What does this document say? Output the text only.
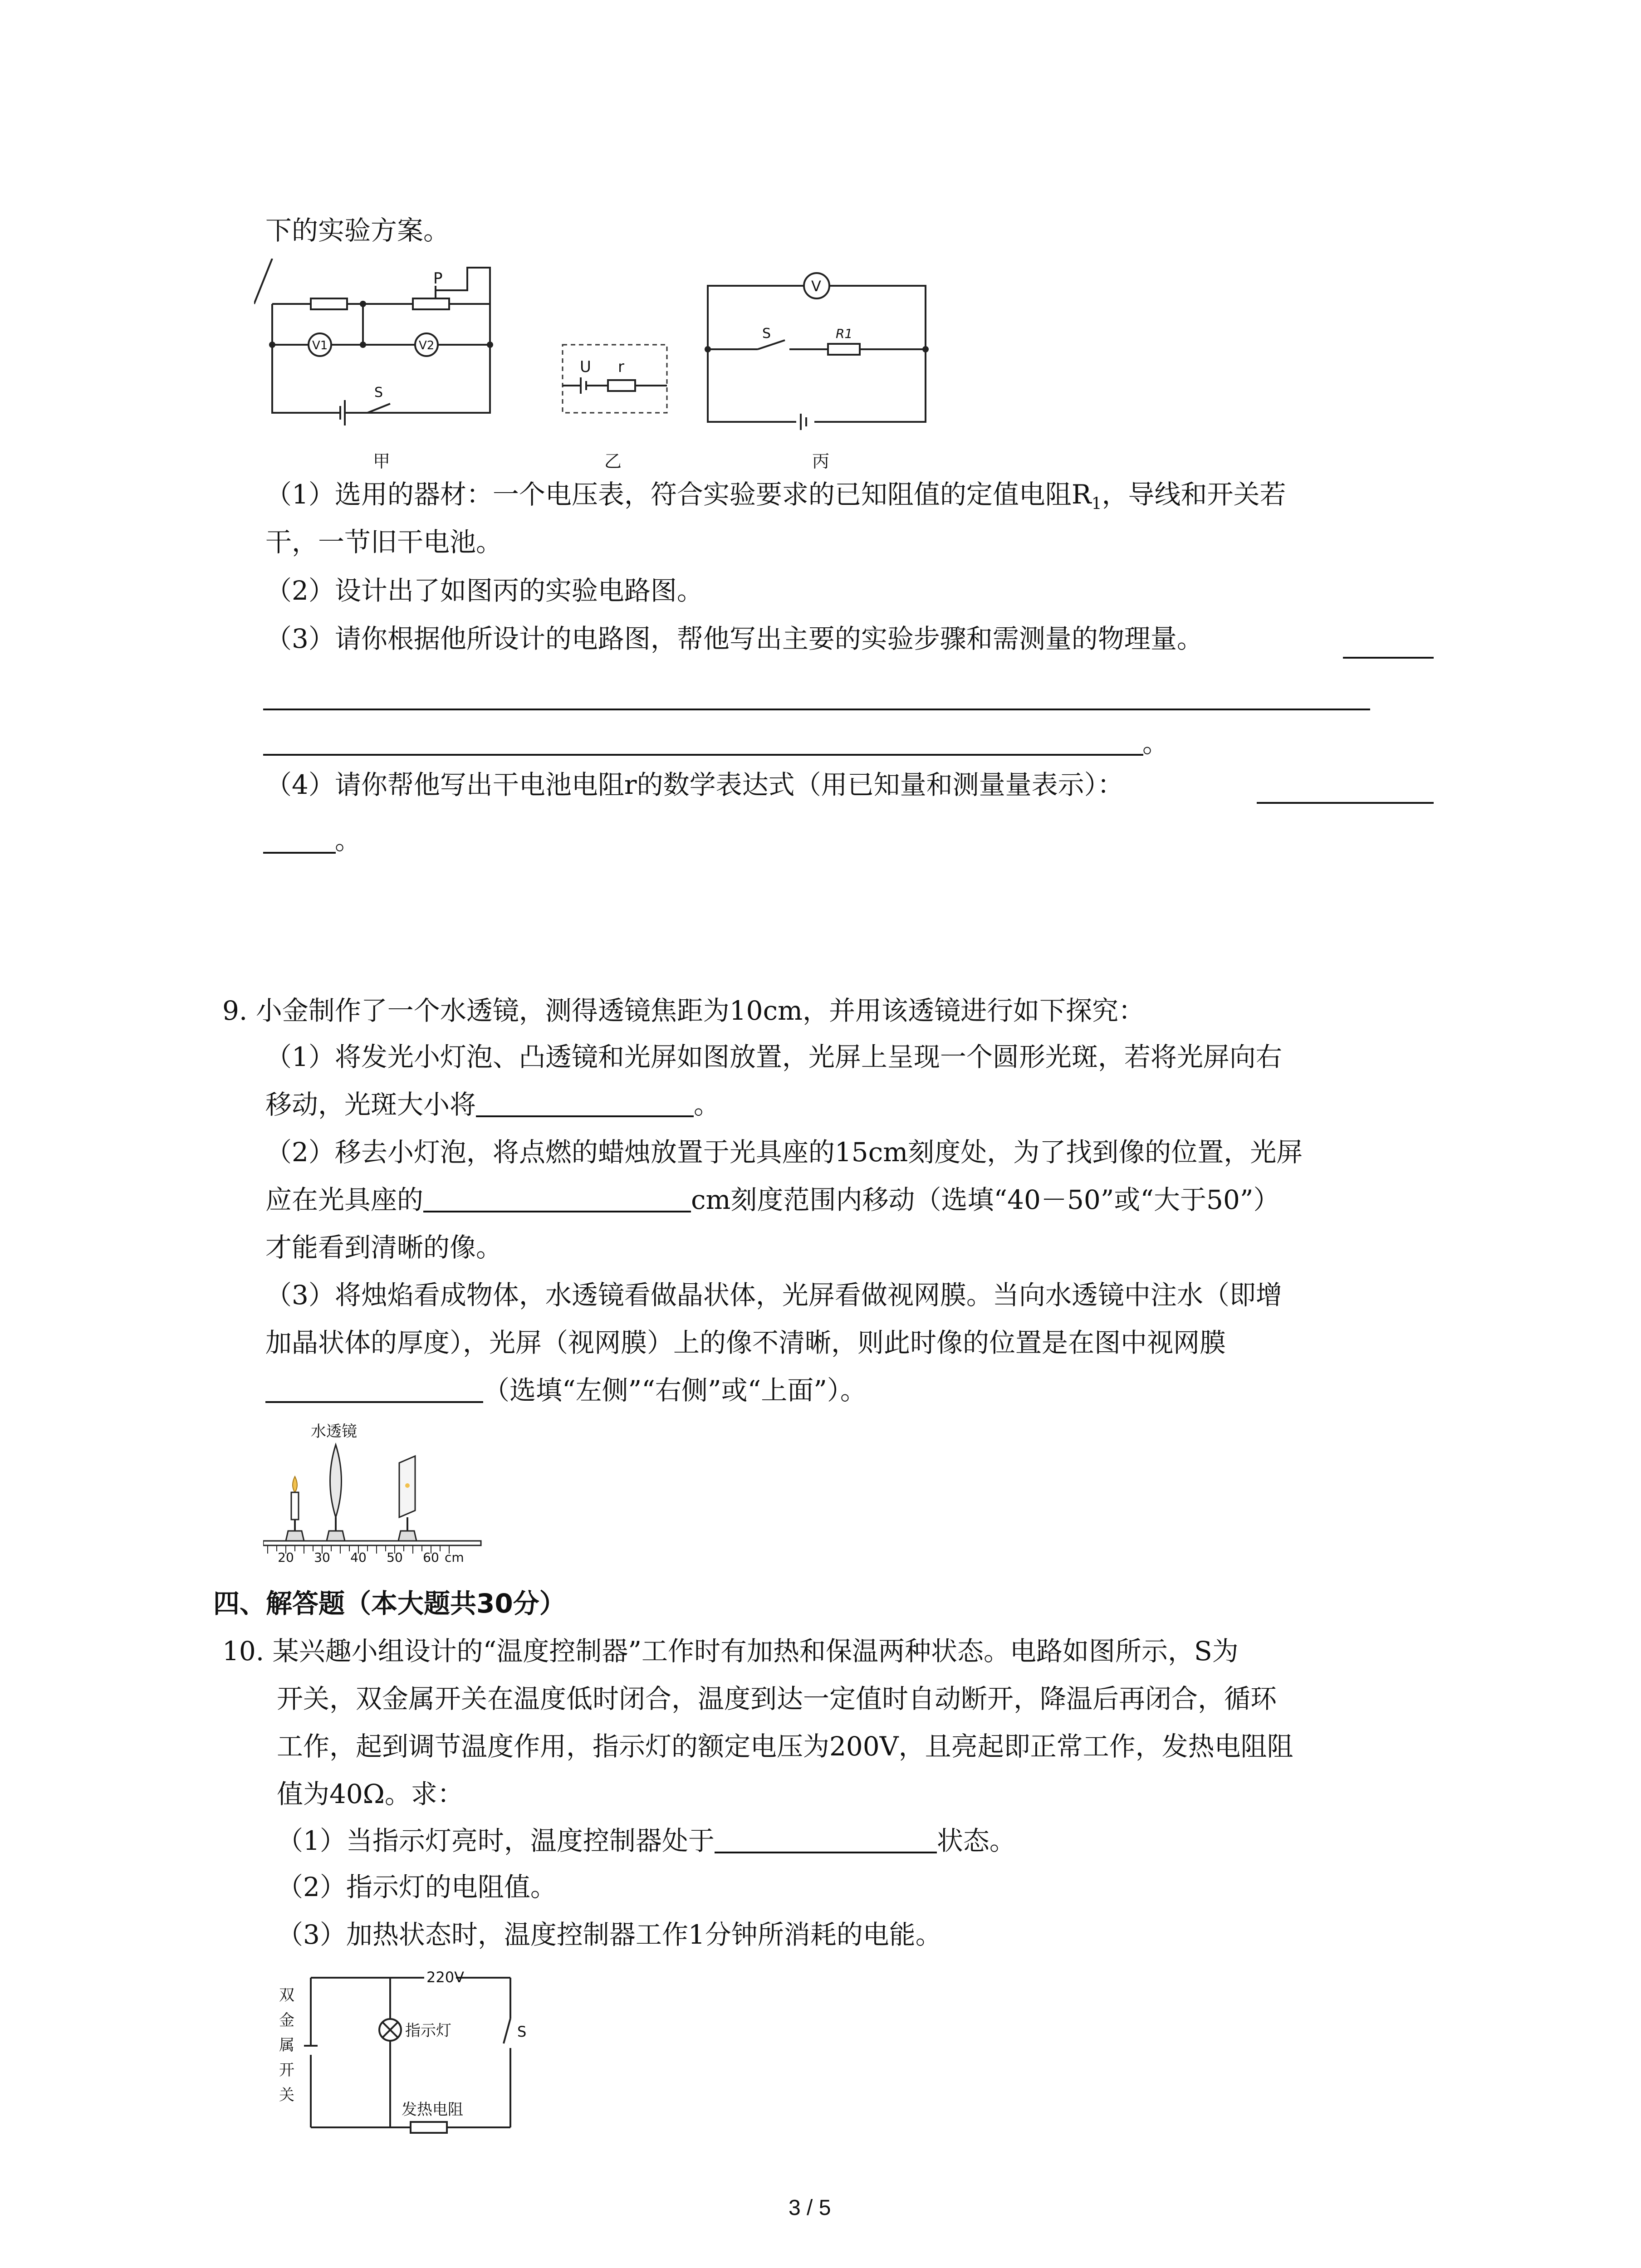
下的实验方案。
P
V1	V2
S
甲
U r
乙
V
S	R1
丙
（1）选用的器材：一个电压表，符合实验要求的已知阻值的定值电阻$R_1$，导线和开关若
干，一节旧干电池。
（2）设计出了如图丙的实验电路图。
（3）请你根据他所设计的电路图，帮他写出主要的实验步骤和需测量的物理量。
。
（4）请你帮他写出干电池电阻r的数学表达式（用已知量和测量量表示）：
。
9. 小金制作了一个水透镜，测得透镜焦距为10cm，并用该透镜进行如下探究：
（1）将发光小灯泡、凸透镜和光屏如图放置，光屏上呈现一个圆形光斑，若将光屏向右
移动，光斑大小将	。
（2）移去小灯泡，将点燃的蜡烛放置于光具座的15cm刻度处，为了找到像的位置，光屏
应在光具座的	cm刻度范围内移动（选填“40－50”或“大于50”）
才能看到清晰的像。
（3）将烛焰看成物体，水透镜看做晶状体，光屏看做视网膜。当向水透镜中注水（即增
加晶状体的厚度），光屏（视网膜）上的像不清晰，则此时像的位置是在图中视网膜
（选填“左侧”“右侧”或“上面”）。
水透镜
20 30 40 50 60 cm
四、解答题（本大题共30分）
10. 某兴趣小组设计的“温度控制器”工作时有加热和保温两种状态。电路如图所示，S为
开关，双金属开关在温度低时闭合，温度到达一定值时自动断开，降温后再闭合，循环
工作，起到调节温度作用，指示灯的额定电压为200V，且亮起即正常工作，发热电阻阻
值为40Ω。求：
（1）当指示灯亮时，温度控制器处于	状态。
（2）指示灯的电阻值。
（3）加热状态时，温度控制器工作1分钟所消耗的电能。
双
金
属
开
关
220V
指示灯	S
发热电阻
3 / 5
